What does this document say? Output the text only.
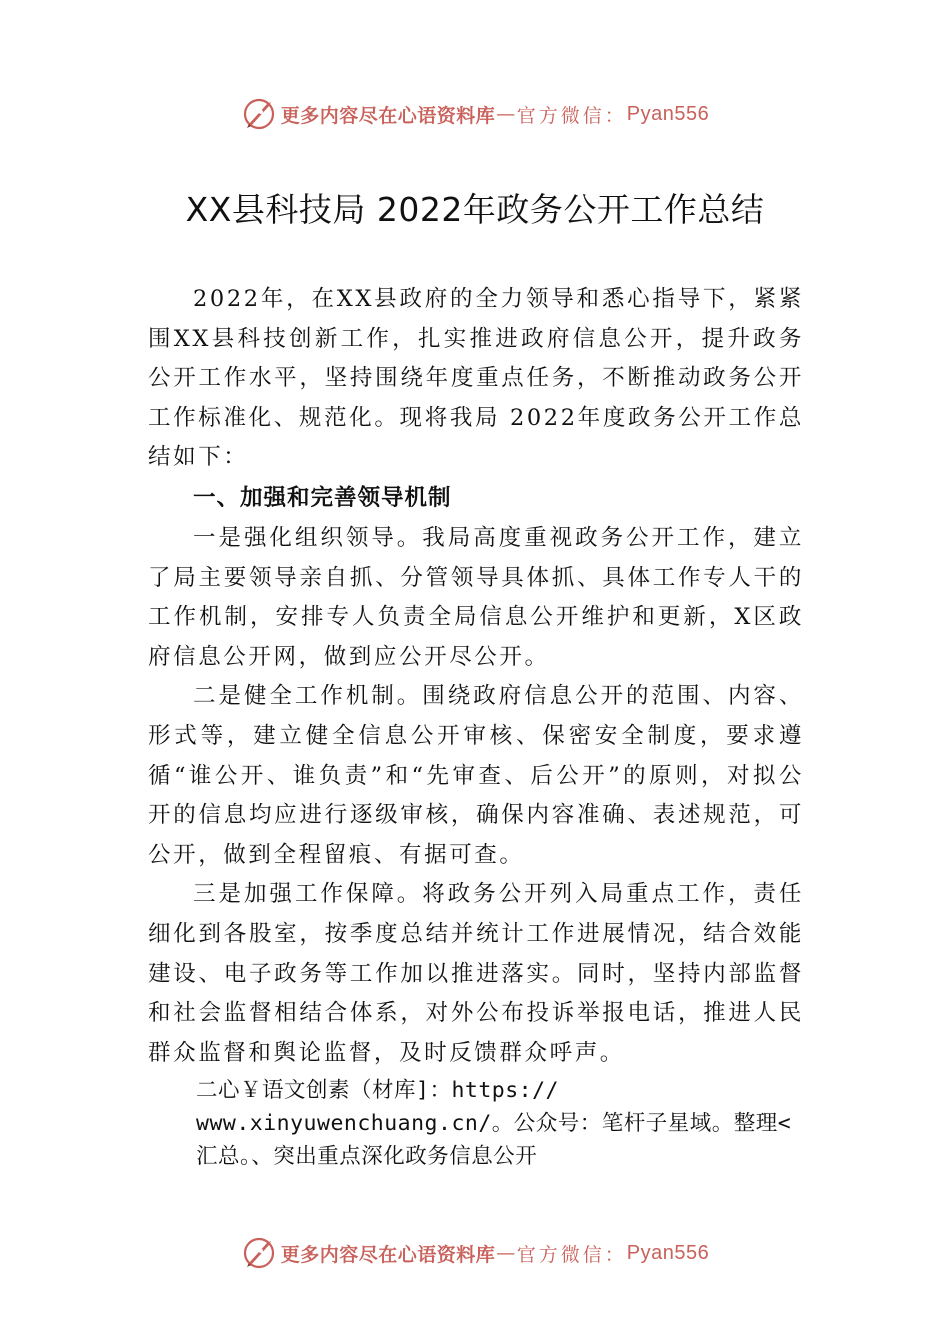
更多内容尽在心语资料库 — 官方微信： Pyan556
XX县科技局 2022年政务公开工作总结

2022年，在XX县政府的全力领导和悉心指导下，紧紧围XX县科技创新工作，扎实推进政府信息公开，提升政务公开工作水平，坚持围绕年度重点任务，不断推动政务公开工作标准化、规范化。现将我局 2022年度政务公开工作总结如下：

一、加强和完善领导机制

一是强化组织领导。我局高度重视政务公开工作，建立了局主要领导亲自抓、分管领导具体抓、具体工作专人干的工作机制，安排专人负责全局信息公开维护和更新，X区政府信息公开网，做到应公开尽公开。

二是健全工作机制。围绕政府信息公开的范围、内容、形式等，建立健全信息公开审核、保密安全制度，要求遵循“谁公开、谁负责”和“先审查、后公开”的原则，对拟公开的信息均应进行逐级审核，确保内容准确、表述规范，可公开，做到全程留痕、有据可查。

三是加强工作保障。将政务公开列入局重点工作，责任细化到各股室，按季度总结并统计工作进展情况，结合效能建设、电子政务等工作加以推进落实。同时，坚持内部监督和社会监督相结合体系，对外公布投诉举报电话，推进人民群众监督和舆论监督，及时反馈群众呼声。

二心￥语文创素（材库]：https://
www.xinyuwenchuang.cn/。公众号：笔杆子星域。整理<
汇总。、突出重点深化政务信息公开
更多内容尽在心语资料库 — 官方微信： Pyan556
